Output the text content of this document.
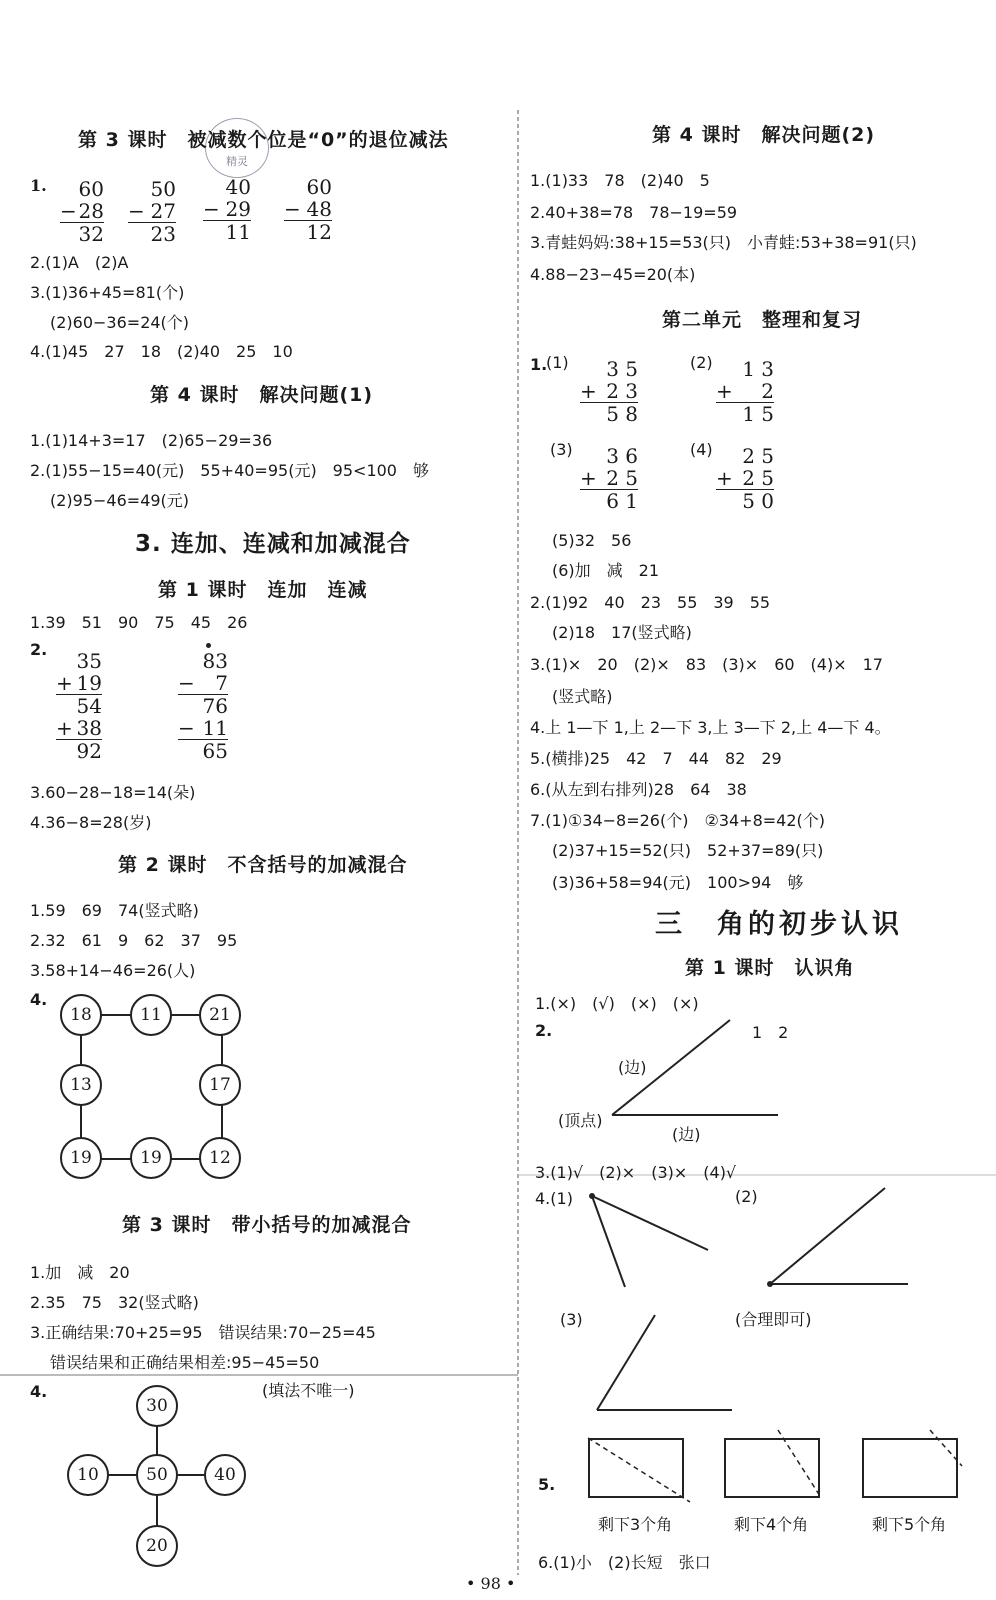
精灵
第 3 课时　被减数个位是“0”的退位减法
1.	60
− 28
32
50
− 27
23
40
− 29
11
60
− 48
12
2.(1)A　(2)A
3.(1)36+45=81(个)
(2)60−36=24(个)
4.(1)45　27　18　(2)40　25　10
第 4 课时　解决问题(1)
1.(1)14+3=17　(2)65−29=36
2.(1)55−15=40(元)　55+40=95(元)　95<100　够
(2)95−46=49(元)
3. 连加、连减和加减混合
第 1 课时　连加　连减
1.39　51　90　75　45　26
2.	35
+ 19
54
+ 38
92
83
− 7
76
− 11
65
3.60−28−18=14(朵)
4.36−8=28(岁)
第 2 课时　不含括号的加减混合
1.59　69　74(竖式略)
2.32　61　9　62　37　95
3.58+14−46=26(人)
4.
18	11	21
13	17
19	19	12
第 3 课时　带小括号的加减混合
1.加　减　20
2.35　75　32(竖式略)
3.正确结果:70+25=95　错误结果:70−25=45
错误结果和正确结果相差:95−45=50
4.	(填法不唯一)
30
10	50	40
20
第 4 课时　解决问题(2)
1.(1)33　78　(2)40　5
2.40+38=78　78−19=59
3.青蛙妈妈:38+15=53(只)　小青蛙:53+38=91(只)
4.88−23−45=20(本)
第二单元　整理和复习
1.
(1)	3 5
+ 2 3
5 8
(2)	1 3
+ 2
1 5
(3)	3 6
+ 2 5
6 1
(4)	2 5
+ 2 5
5 0
(5)32　56
(6)加　减　21
2.(1)92　40　23　55　39　55
(2)18　17(竖式略)
3.(1)×　20　(2)×　83　(3)×　60　(4)×　17
(竖式略)
4.上 1—下 1,上 2—下 3,上 3—下 2,上 4—下 4。
5.(横排)25　42　7　44　82　29
6.(从左到右排列)28　64　38
7.(1)①34−8=26(个)　②34+8=42(个)
(2)37+15=52(只)　52+37=89(只)
(3)36+58=94(元)　100>94　够
三　角的初步认识
第 1 课时　认识角
1.(×)　(√)　(×)　(×)
2.	1　2
(边)
(顶点)
(边)
3.(1)√　(2)×　(3)×　(4)√
4.(1)	(2)
(3)	(合理即可)
5.
剩下3个角	剩下4个角	剩下5个角
6.(1)小　(2)长短　张口
• 98 •
